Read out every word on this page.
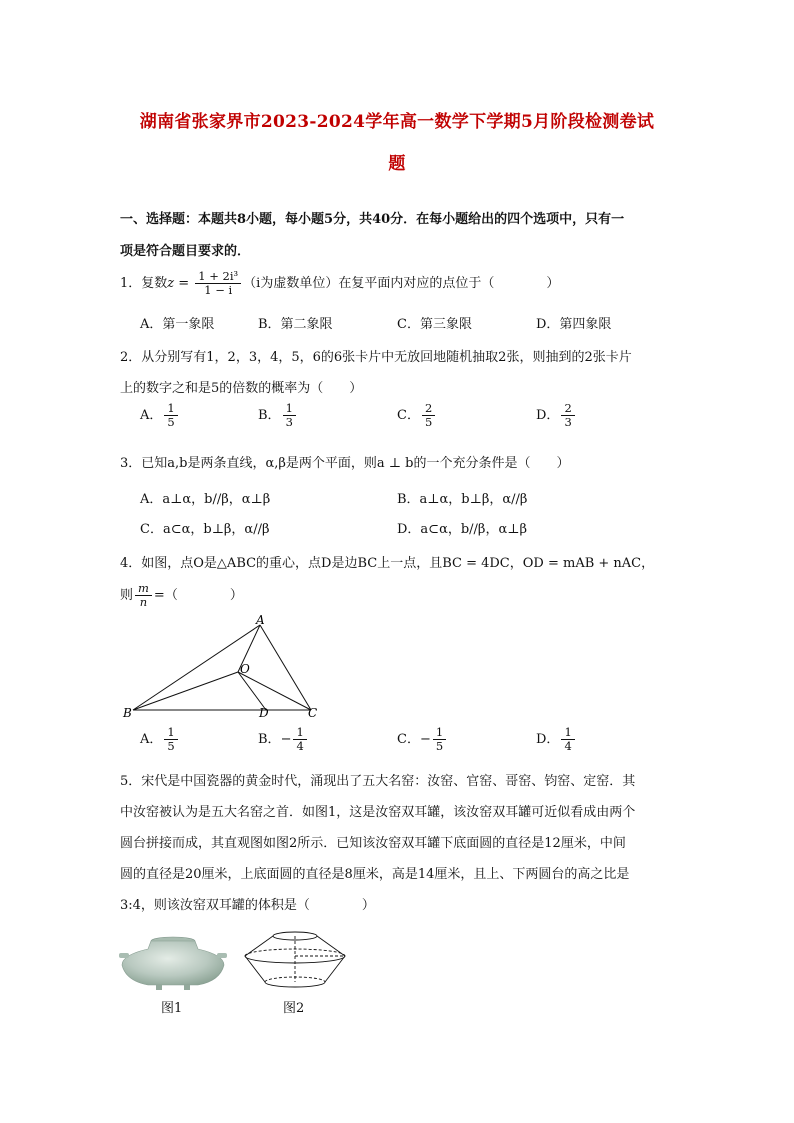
湖南省张家界市2023-2024学年高一数学下学期5月阶段检测卷试
题
一、选择题：本题共8小题，每小题5分，共40分．在每小题给出的四个选项中，只有一
项是符合题目要求的．
1．复数$z = \frac{\text{1 + 2i³}}{1 - i} (i$为虚数单位）在复平面内对应的点位于（　　　　）
A．第一象限	B．第二象限	C．第三象限	D．第四象限
2．从分别写有1，2，3，4，5，6的6张卡片中无放回地随机抽取2张，则抽到的2张卡片
上的数字之和是5的倍数的概率为（　　）
A． $\frac{1}{5}$	B． $\frac{1}{3}$	C． $\frac{2}{5}$	D． $\frac{2}{3}$
3．已知a,b是两条直线，α,β是两个平面，则a ⊥ b的一个充分条件是（　　）
A．a⊥α，b//β，α⊥β	B．a⊥α，b⊥β，α//β
C．a⊂α，b⊥β，α//β	D．a⊂α，b//β，α⊥β
4．如图，点O是△ABC的重心，点D是边BC上一点，且BC = 4DC，OD = mAB + nAC，
则 $\frac{m}{n}$ =（　　　　）
A
B	C
D
O
A． $\frac{1}{5}$	B．− $\frac{1}{4}$	C．− $\frac{1}{5}$	D． $\frac{1}{4}$
5．宋代是中国瓷器的黄金时代，涌现出了五大名窑：汝窑、官窑、哥窑、钧窑、定窑．其
中汝窑被认为是五大名窑之首．如图1，这是汝窑双耳罐，该汝窑双耳罐可近似看成由两个
圆台拼接而成，其直观图如图2所示．已知该汝窑双耳罐下底面圆的直径是12厘米，中间
圆的直径是20厘米，上底面圆的直径是8厘米，高是14厘米，且上、下两圆台的高之比是
3:4，则该汝窑双耳罐的体积是（　　　　）
图1	图2
